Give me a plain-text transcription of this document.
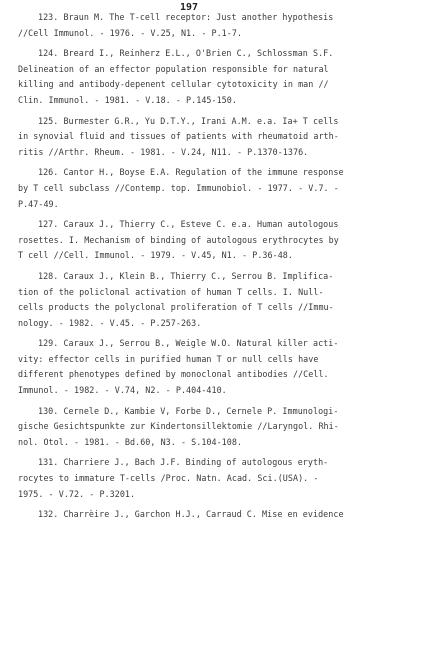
197
123. Braun M. The T-cell receptor: Just another hypothesis
//Cell Immunol. - 1976. - V.25, N1. - P.1-7.
124. Breard I., Reinherz E.L., O'Brien C., Schlossman S.F.
Delineation of an effector population responsible for natural
killing and antibody-depenent cellular cytotoxicity in man //
Clin. Immunol. - 1981. - V.18. - P.145-150.
125. Burmester G.R., Yu D.T.Y., Irani A.M. e.a. Ia+ T cells
in synovial fluid and tissues of patients with rheumatoid arth-
ritis //Arthr. Rheum. - 1981. - V.24, N11. - P.1370-1376.
126. Cantor H., Boyse E.A. Regulation of the immune response
by T cell subclass //Contemp. top. Immunobiol. - 1977. - V.7. -
P.47-49.
127. Caraux J., Thierry C., Esteve C. e.a. Human autologous
rosettes. I. Mechanism of binding of autologous erythrocytes by
T cell //Cell. Immunol. - 1979. - V.45, N1. - P.36-48.
128. Caraux J., Klein B., Thierry C., Serrou B. Implifica-
tion of the policlonal activation of human T cells. I. Null-
cells products the polyclonal proliferation of T cells //Immu-
nology. - 1982. - V.45. - P.257-263.
129. Caraux J., Serrou B., Weigle W.O. Natural killer acti-
vity: effector cells in purified human T or null cells have
different phenotypes defined by monoclonal antibodies //Cell.
Immunol. - 1982. - V.74, N2. - P.404-410.
130. Cernele D., Kambie V, Forbe D., Cernele P. Immunologi-
gische Gesichtspunkte zur Kindertonsillektomie //Laryngol. Rhi-
nol. Otol. - 1981. - Bd.60, N3. - S.104-108.
131. Charriere J., Bach J.F. Binding of autologous eryth-
rocytes to immature T-cells /Proc. Natn. Acad. Sci.(USA). -
1975. - V.72. - P.3201.
132. Charrѐire J., Garchon H.J., Carraud C. Mise en evidence
